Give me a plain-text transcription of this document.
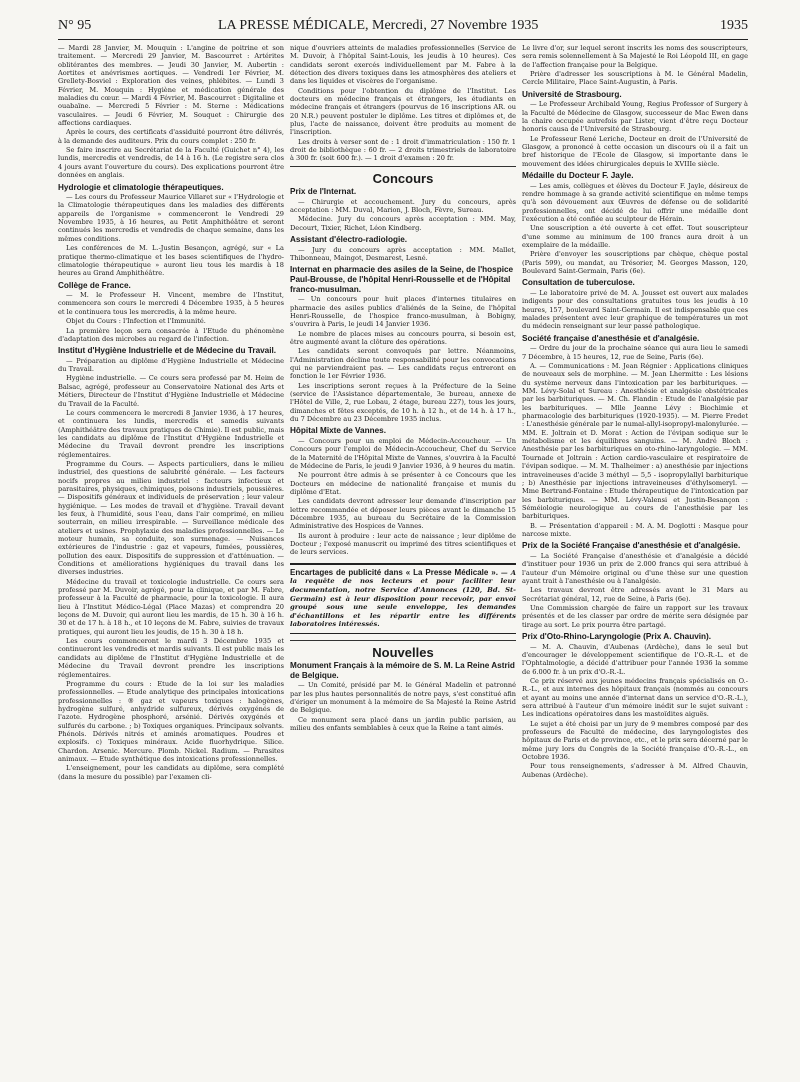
N° 95	LA PRESSE MÉDICALE, Mercredi, 27 Novembre 1935	1935

— Mardi 28 Janvier, M. Mouquin : L'angine de poitrine et son traitement. — Mercredi 29 Janvier, M. Bascourret : Artérites oblitérantes des membres. — Jeudi 30 Janvier, M. Aubertin : Aortites et anévrismes aortiques. — Vendredi 1er Février, M. Grellety-Bosviel : Exploration des veines, phlébites. — Lundi 3 Février, M. Mouquin : Hygiène et médication générale des maladies du cœur. — Mardi 4 Février, M. Bascourret : Digitaline et ouabaïne. — Mercredi 5 Février : M. Sterne : Médications vasculaires. — Jeudi 6 Février, M. Souquet : Chirurgie des affections cardiaques.

Après le cours, des certificats d'assiduité pourront être délivrés, à la demande des auditeurs. Prix du cours complet : 250 fr.

Se faire inscrire au Secrétariat de la Faculté (Guichet n° 4), les lundis, mercredis et vendredis, de 14 à 16 h. (Le registre sera clos 4 jours avant l'ouverture du cours). Des explications pourront être données en anglais.

Hydrologie et climatologie thérapeutiques.

— Les cours du Professeur Maurice Villaret sur « l'Hydrologie et la Climatologie thérapeutiques dans les maladies des différents appareils de l'organisme » commenceront le Vendredi 29 Novembre 1935, à 16 heures, au Petit Amphithéâtre et seront continués les mercredis et vendredis de chaque semaine, dans les mêmes conditions.

Les conférences de M. L.-Justin Besançon, agrégé, sur « La pratique thermo-climatique et les bases scientifiques de l'hydro-climatologie thérapeutique » auront lieu tous les mardis à 18 heures au Grand Amphithéâtre.

Collège de France.

— M. le Professeur H. Vincent, membre de l'Institut, commencera son cours le mercredi 4 Décembre 1935, à 5 heures et le continuera tous les mercredis, à la même heure.

Objet du Cours : l'Infection et l'Immunité.

La première leçon sera consacrée à l'Etude du phénomène d'adaptation des microbes au regard de l'infection.

Institut d'Hygiène Industrielle et de Médecine du Travail.

— Préparation au diplôme d'Hygiène Industrielle et Médecine du Travail.

Hygiène industrielle. — Ce cours sera professé par M. Heim de Balsac, agrégé, professeur au Conservatoire National des Arts et Métiers, Directeur de l'Institut d'Hygiène Industrielle et Médecine du Travail de la Faculté.

Le cours commencera le mercredi 8 Janvier 1936, à 17 heures, et continuera les lundis, mercredis et samedis suivants (Amphithéâtre des travaux pratiques de Chimie). Il est public, mais les candidats au diplôme de l'Institut d'Hygiène Industrielle et Médecine du Travail devront prendre les inscriptions réglementaires.

Programme du Cours. — Aspects particuliers, dans le milieu industriel, des questions de salubrité générale. — Les facteurs nocifs propres au milieu industriel : facteurs infectieux et parasitaires, physiques, chimiques, poisons industriels, poussières. — Dispositifs généraux et individuels de préservation ; leur valeur hygiénique. — Les modes de travail et d'hygiène. Travail devant les feux, à l'humidité, sous l'eau, dans l'air comprimé, en milieu souterrain, en milieu irrespirable. — Surveillance médicale des ateliers et usines. Prophylaxie des maladies professionnelles. — Le moteur humain, sa conduite, son surmenage. — Nuisances extérieures de l'industrie : gaz et vapeurs, fumées, poussières, pollution des eaux. Dispositifs de suppression et d'atténuation. — Conditions et améliorations hygiéniques du travail dans les diverses industries.

Médecine du travail et toxicologie industrielle. Ce cours sera professé par M. Duvoir, agrégé, pour la clinique, et par M. Fabre, professeur à la Faculté de pharmacie, pour la toxicologie. Il aura lieu à l'Institut Médico-Légal (Place Mazas) et comprendra 20 leçons de M. Duvoir, qui auront lieu les mardis, de 15 h. 30 à 16 h. 30 et de 17 h. à 18 h., et 10 leçons de M. Fabre, suivies de travaux pratiques, qui auront lieu les jeudis, de 15 h. 30 à 18 h.

Les cours commenceront le mardi 3 Décembre 1935 et continueront les vendredis et mardis suivants. Il est public mais les candidats au diplôme de l'Institut d'Hygiène Industrielle et de Médecine du Travail devront prendre les inscriptions réglementaires.

Programme du cours : Etude de la loi sur les maladies professionnelles. — Etude analytique des principales intoxications professionnelles : ® gaz et vapeurs toxiques : halogènes, hydrogène sulfuré, anhydride sulfureux, dérivés oxygénés de l'azote. Hydrogène phosphoré, arsénié. Dérivés oxygénés et sulfurés du carbone. ; b) Toxiques organiques. Principaux solvants. Phénols. Dérivés nitrés et aminés aromatiques. Poudres et explosifs. c) Toxiques minéraux. Acide fluorhydrique. Silice. Chardon. Arsenic. Mercure. Plomb. Nickel. Radium. — Parasites animaux. — Etude synthétique des intoxications professionnelles.

L'enseignement, pour les candidats au diplôme, sera complété (dans la mesure du possible) par l'examen cli-

nique d'ouvriers atteints de maladies professionnelles (Service de M. Duvoir, à l'hôpital Saint-Louis, les jeudis à 10 heures). Ces candidats seront exercés individuellement par M. Fabre à la détection des divers toxiques dans les atmosphères des ateliers et dans les liquides et viscères de l'organisme.

Conditions pour l'obtention du diplôme de l'Institut. Les docteurs en médecine français et étrangers, les étudiants en médecine français et étrangers (pourvus de 16 inscriptions AR. ou 20 N.R.) peuvent postuler le diplôme. Les titres et diplômes et, de plus, l'acte de naissance, doivent être produits au moment de l'inscription.

Les droits à verser sont de : 1 droit d'immatriculation : 150 fr. 1 droit de bibliothèque : 60 fr. — 2 droits trimestriels de laboratoire à 300 fr. (soit 600 fr.). — 1 droit d'examen : 20 fr.

Concours
Prix de l'Internat.

— Chirurgie et accouchement. Jury du concours, après acceptation : MM. Duval, Marion, J. Bloch, Fèvre, Sureau.

Médecine. Jury du concours après acceptation : MM. May, Decourt, Tixier, Richet, Léon Kindberg.

Assistant d'électro-radiologie.

— Jury du concours après acceptation : MM. Mallet, Thibonneau, Maingot, Desmarest, Lesné.

Internat en pharmacie des asiles de la Seine, de l'hospice Paul-Brousse, de l'hôpital Henri-Rousselle et de l'Hôpital franco-musulman.

— Un concours pour huit places d'internes titulaires en pharmacie des asiles publics d'aliénés de la Seine, de l'hôpital Henri-Rousselle, de l'hospice franco-musulman, à Bobigny, s'ouvrira à Paris, le jeudi 14 Janvier 1936.

Le nombre de places mises au concours pourra, si besoin est, être augmenté avant la clôture des opérations.

Les candidats seront convoqués par lettre. Néanmoins, l'Administration décline toute responsabilité pour les convocations qui ne parviendraient pas. — Les candidats reçus entreront en fonction le 1er Février 1936.

Les inscriptions seront reçues à la Préfecture de la Seine (service de l'Assistance départementale, 3e bureau, annexe de l'Hôtel de Ville, 2, rue Lobau, 2 étage, bureau 227), tous les jours, dimanches et fêtes exceptés, de 10 h. à 12 h., et de 14 h. à 17 h., du 7 Décembre au 23 Décembre 1935 inclus.

Hôpital Mixte de Vannes.

— Concours pour un emploi de Médecin-Accoucheur. — Un Concours pour l'emploi de Médecin-Accoucheur, Chef du Service de la Maternité de l'Hôpital Mixte de Vannes, s'ouvrira à la Faculté de Médecine de Paris, le jeudi 9 Janvier 1936, à 9 heures du matin.

Ne pourront être admis à se présenter à ce Concours que les Docteurs en médecine de nationalité française et munis du diplôme d'Etat.

Les candidats devront adresser leur demande d'inscription par lettre recommandée et déposer leurs pièces avant le dimanche 15 Décembre 1935, au bureau du Secrétaire de la Commission Administrative des Hospices de Vannes.

Ils auront à produire : leur acte de naissance ; leur diplôme de Docteur ; l'exposé manuscrit ou imprimé des titres scientifiques et de leurs services.

Encartages de publicité dans « La Presse Médicale ». — A la requête de nos lecteurs et pour faciliter leur documentation, notre Service d'Annonces (120, Bd. St-Germain) est à leur disposition pour recevoir, par envoi groupé sous une seule enveloppe, les demandes d'échantillons et les répartir entre les différents laboratoires intéressés.
Nouvelles
Monument Français à la mémoire de S. M. La Reine Astrid de Belgique.

— Un Comité, présidé par M. le Général Madelin et patronné par les plus hautes personnalités de notre pays, s'est constitué afin d'ériger un monument à la mémoire de Sa Majesté la Reine Astrid de Belgique.

Ce monument sera placé dans un jardin public parisien, au milieu des enfants semblables à ceux que la Reine a tant aimés.

Le livre d'or, sur lequel seront inscrits les noms des souscripteurs, sera remis solennellement à Sa Majesté le Roi Léopold III, en gage de l'affection française pour la Belgique.

Prière d'adresser les souscriptions à M. le Général Madelin, Cercle Militaire, Place Saint-Augustin, à Paris.

Université de Strasbourg.

— Le Professeur Archibald Young, Regius Professor of Surgery à la Faculté de Médecine de Glasgow, successeur de Mac Ewen dans la chaire occupée autrefois par Lister, vient d'être reçu Docteur honoris causa de l'Université de Strasbourg.

Le Professeur René Leriche, Docteur en droit de l'Université de Glasgow, a prononcé à cette occasion un discours où il a fait un bref historique de l'Ecole de Glasgow, si importante dans le mouvement des idées chirurgicales depuis le XVIIIe siècle.

Médaille du Docteur F. Jayle.

— Les amis, collègues et élèves du Docteur F. Jayle, désireux de rendre hommage à sa grande activité scientifique en même temps qu'à son dévouement aux Œuvres de défense ou de solidarité professionnelles, ont décidé de lui offrir une médaille dont l'exécution a été confiée au sculpteur de Hérain.

Une souscription a été ouverte à cet effet. Tout souscripteur d'une somme au minimum de 100 francs aura droit à un exemplaire de la médaille.

Prière d'envoyer les souscriptions par chèque, chèque postal (Paris 599), ou mandat, au Trésorier, M. Georges Masson, 120, Boulevard Saint-Germain, Paris (6e).

Consultation de tuberculose.

— Le laboratoire privé de M. A. Jousset est ouvert aux malades indigents pour des consultations gratuites tous les jeudis à 10 heures, 157, boulevard Saint-Germain. Il est indispensable que ces malades présentent avec leur graphique de températures un mot du médecin renseignant sur leur passé pathologique.

Société française d'anesthésie et d'analgésie.

— Ordre du jour de la prochaine séance qui aura lieu le samedi 7 Décembre, à 15 heures, 12, rue de Seine, Paris (6e).

A. — Communications : M. Jean Régnier : Applications cliniques de nouveaux sels de morphine. — M. Jean Lhermitte : Les lésions du système nerveux dans l'intoxication par les barbituriques. — MM. Lévy-Solal et Sureau : Anesthésie et analgésie obstétricales par les barbituriques. — M. Ch. Flandin : Etude de l'analgésie par les barbituriques. — Mlle Jeanne Lévy : Biochimie et pharmacologie des barbituriques (1920-1935). — M. Pierre Fredet : L'anesthésie générale par le numal-allyl-isopropyl-malonylurée. — MM. E. Joltrain et D. Morat : Action de l'évipan sodique sur le métabolisme et les équilibres sanguins. — M. André Bloch : Anesthésie par les barbituriques en oto-rhino-laryngologie. — MM. Tournade et Joltrain : Action cardio-vasculaire et respiratoire de l'évipan sodique. — M. M. Thalheimer : a) anesthésie par injections intraveineuses d'acide 3 méthyl — 5,5 - isopropylallyl barbiturique ; b) Anesthésie par injections intraveineuses d'éthylsomeryl. — Mme Bertrand-Fontaine : Etude thérapeutique de l'intoxication par les barbituriques. — MM. Lévy-Valensi et Justin-Besançon : Séméiologie neurologique au cours de l'anesthésie par les barbituriques.

B. — Présentation d'appareil : M. A. M. Doglotti : Masque pour narcose mixte.

Prix de la Société Française d'anesthésie et d'analgésie.

— La Société Française d'anesthésie et d'analgésie a décidé d'instituer pour 1936 un prix de 2.000 francs qui sera attribué à l'auteur d'un Mémoire original ou d'une thèse sur une question ayant trait à l'anesthésie ou à l'analgésie.

Les travaux devront être adressés avant le 31 Mars au Secrétariat général, 12, rue de Seine, à Paris (6e).

Une Commission chargée de faire un rapport sur les travaux présentés et de les classer par ordre de mérite sera désignée par tirage au sort. Le prix pourra être partagé.

Prix d'Oto-Rhino-Laryngologie (Prix A. Chauvin).

— M. A. Chauvin, d'Aubenas (Ardèche), dans le seul but d'encourager le développement scientifique de l'O.-R.-L. et de l'Ophtalmologie, a décidé d'attribuer pour l'année 1936 la somme de 6.000 fr. à un prix d'O.-R.-L.

Ce prix réservé aux jeunes médecins français spécialisés en O.-R.-L., et aux internes des hôpitaux français (nommés au concours et ayant au moins une année d'internat dans un service d'O.-R.-L.), sera attribué à l'auteur d'un mémoire inédit sur le sujet suivant : Les indications opératoires dans les mastoïdites aiguës.

Le sujet a été choisi par un jury de 9 membres composé par des professeurs de Faculté de médecine, des laryngologistes des hôpitaux de Paris et de province, etc., et le prix sera décerné par le même jury lors du Congrès de la Société française d'O.-R.-L., en Octobre 1936.

Pour tous renseignements, s'adresser à M. Alfred Chauvin, Aubenas (Ardèche).
